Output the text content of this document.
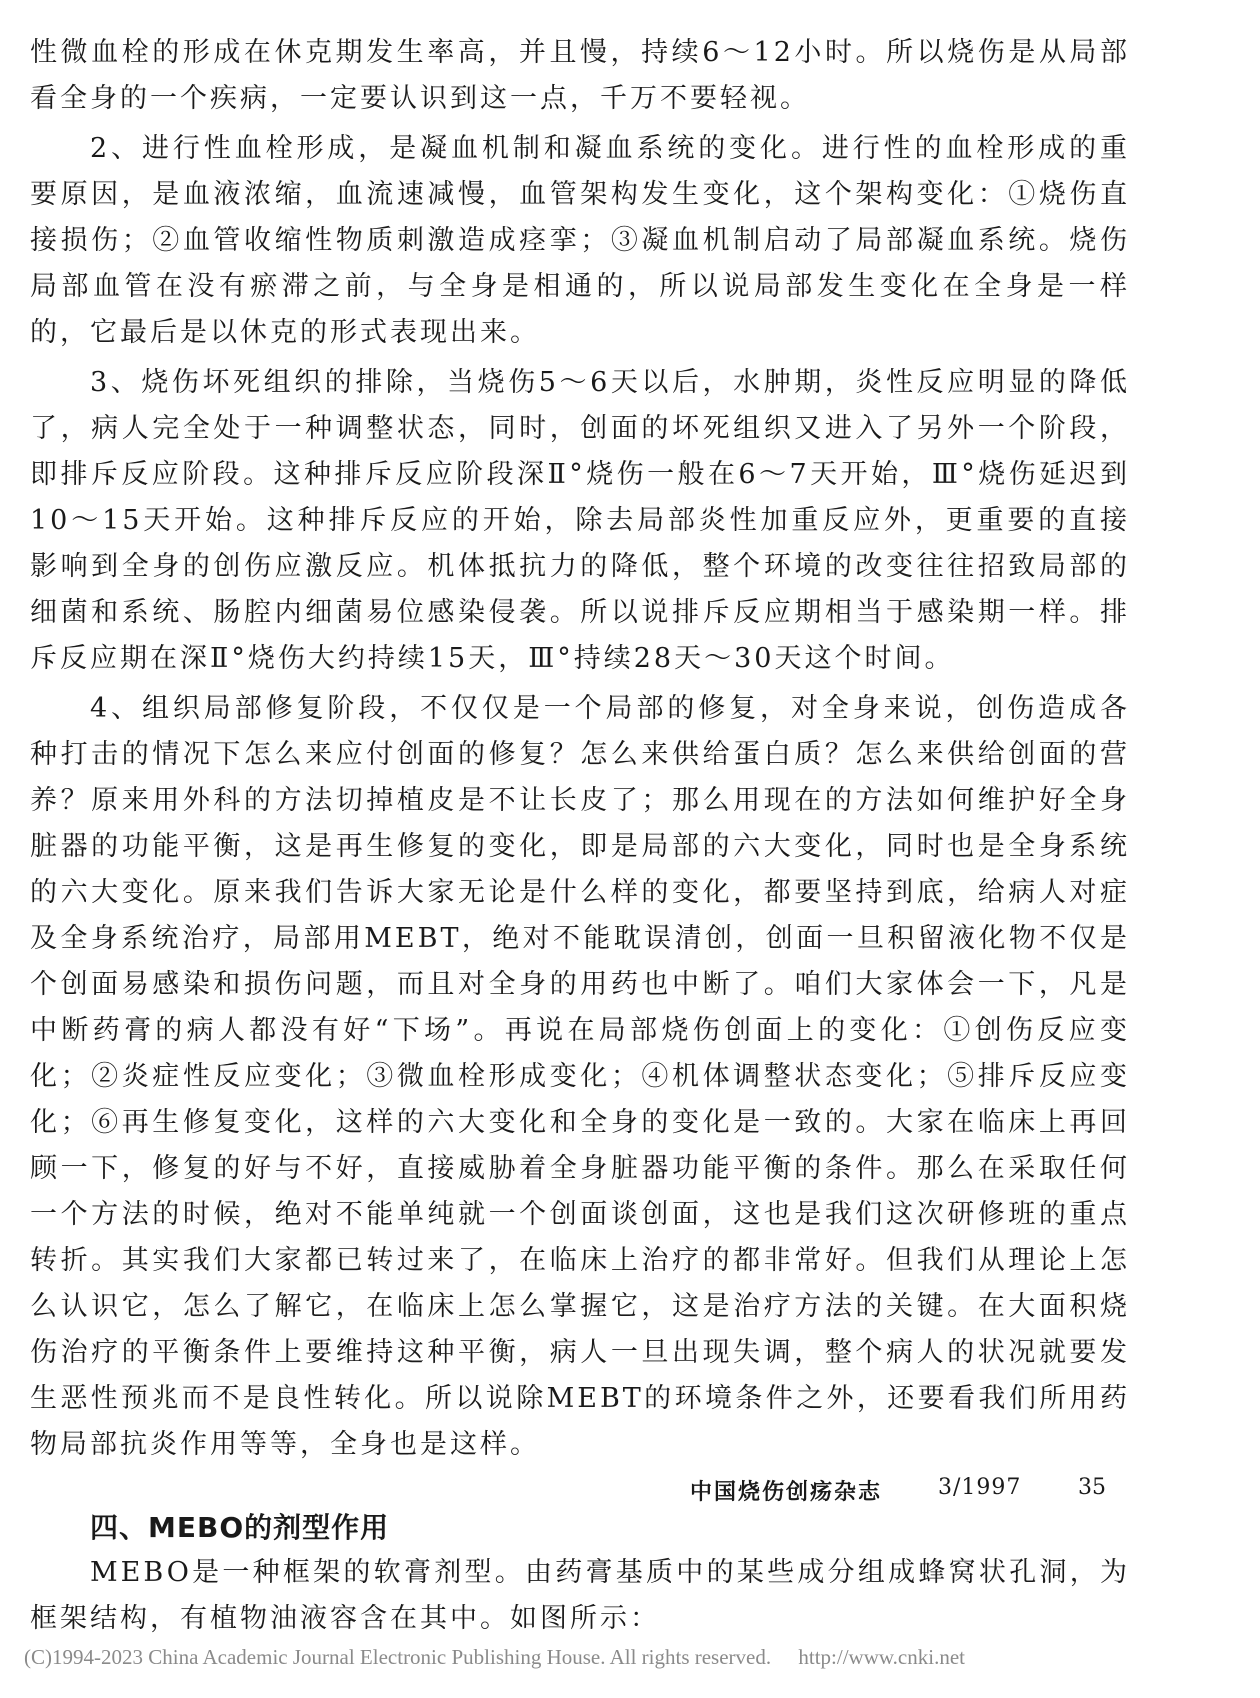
性微血栓的形成在休克期发生率高，并且慢，持续6～12小时。所以烧伤是从局部看全身的一个疾病，一定要认识到这一点，千万不要轻视。

2、进行性血栓形成，是凝血机制和凝血系统的变化。进行性的血栓形成的重要原因，是血液浓缩，血流速减慢，血管架构发生变化，这个架构变化：①烧伤直接损伤；②血管收缩性物质刺激造成痉挛；③凝血机制启动了局部凝血系统。烧伤局部血管在没有瘀滞之前，与全身是相通的，所以说局部发生变化在全身是一样的，它最后是以休克的形式表现出来。

3、烧伤坏死组织的排除，当烧伤5～6天以后，水肿期，炎性反应明显的降低了，病人完全处于一种调整状态，同时，创面的坏死组织又进入了另外一个阶段，即排斥反应阶段。这种排斥反应阶段深Ⅱ°烧伤一般在6～7天开始，Ⅲ°烧伤延迟到10～15天开始。这种排斥反应的开始，除去局部炎性加重反应外，更重要的直接影响到全身的创伤应激反应。机体抵抗力的降低，整个环境的改变往往招致局部的细菌和系统、肠腔内细菌易位感染侵袭。所以说排斥反应期相当于感染期一样。排斥反应期在深Ⅱ°烧伤大约持续15天，Ⅲ°持续28天～30天这个时间。

4、组织局部修复阶段，不仅仅是一个局部的修复，对全身来说，创伤造成各种打击的情况下怎么来应付创面的修复？怎么来供给蛋白质？怎么来供给创面的营养？原来用外科的方法切掉植皮是不让长皮了；那么用现在的方法如何维护好全身脏器的功能平衡，这是再生修复的变化，即是局部的六大变化，同时也是全身系统的六大变化。原来我们告诉大家无论是什么样的变化，都要坚持到底，给病人对症及全身系统治疗，局部用MEBT，绝对不能耽误清创，创面一旦积留液化物不仅是个创面易感染和损伤问题，而且对全身的用药也中断了。咱们大家体会一下，凡是中断药膏的病人都没有好“下场”。再说在局部烧伤创面上的变化：①创伤反应变化；②炎症性反应变化；③微血栓形成变化；④机体调整状态变化；⑤排斥反应变化；⑥再生修复变化，这样的六大变化和全身的变化是一致的。大家在临床上再回顾一下，修复的好与不好，直接威胁着全身脏器功能平衡的条件。那么在采取任何一个方法的时候，绝对不能单纯就一个创面谈创面，这也是我们这次研修班的重点转折。其实我们大家都已转过来了，在临床上治疗的都非常好。但我们从理论上怎么认识它，怎么了解它，在临床上怎么掌握它，这是治疗方法的关键。在大面积烧伤治疗的平衡条件上要维持这种平衡，病人一旦出现失调，整个病人的状况就要发生恶性预兆而不是良性转化。所以说除MEBT的环境条件之外，还要看我们所用药物局部抗炎作用等等，全身也是这样。

四、MEBO的剂型作用

MEBO是一种框架的软膏剂型。由药膏基质中的某些成分组成蜂窝状孔洞，为框架结构，有植物油液容含在其中。如图所示：

中国烧伤创疡杂志	3/1997	35
(C)1994-2023 China Academic Journal Electronic Publishing House. All rights reserved. http://www.cnki.net
